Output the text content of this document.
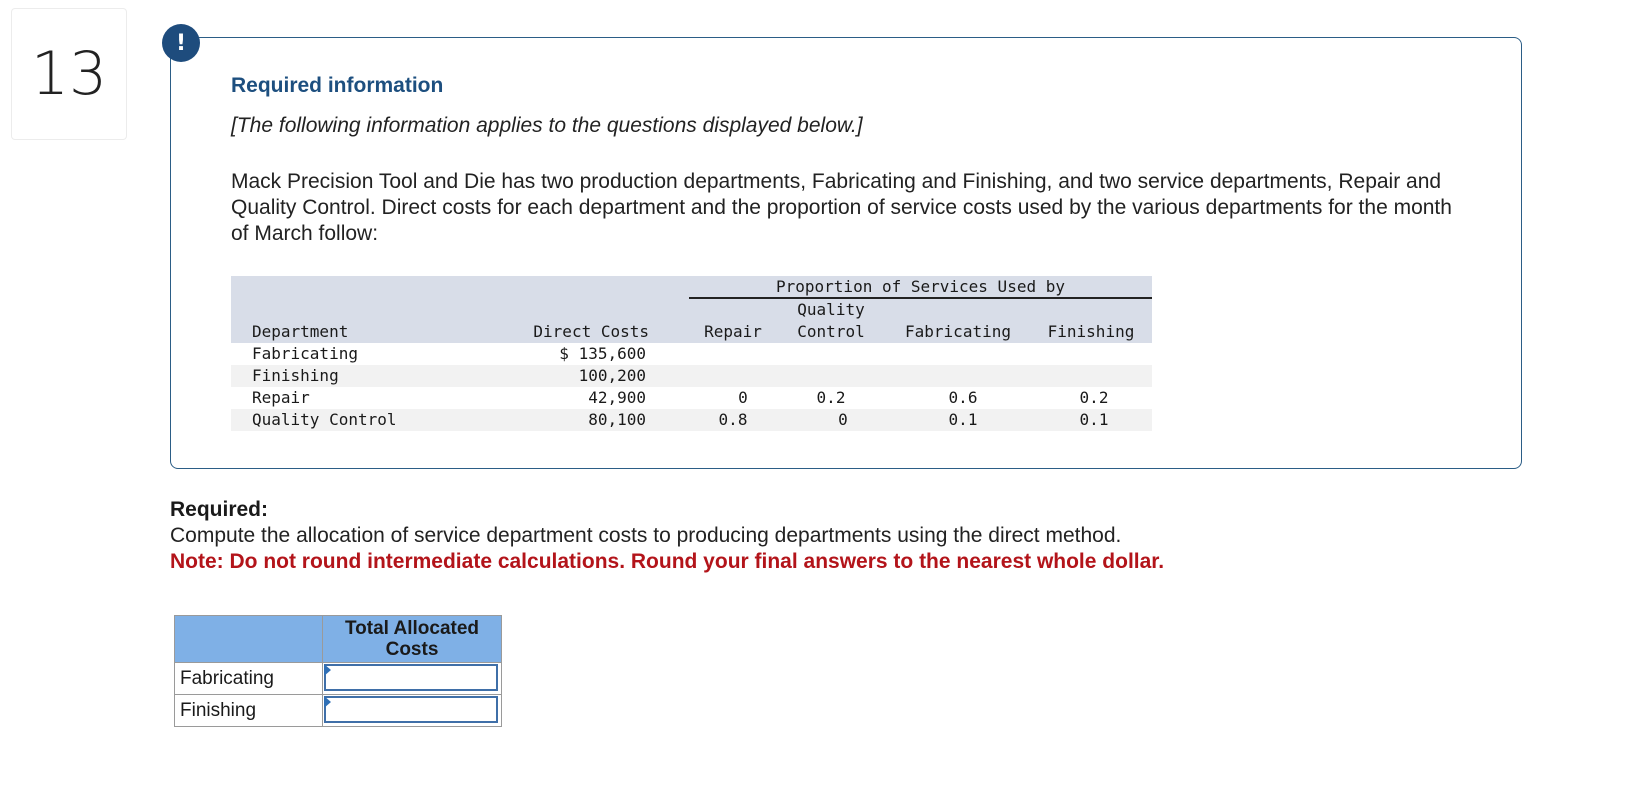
13	!
Required information
[The following information applies to the questions displayed below.]
Mack Precision Tool and Die has two production departments, Fabricating and Finishing, and two service departments, Repair and Quality Control. Direct costs for each department and the proportion of service costs used by the various departments for the month of March follow:
Proportion of Services Used by
Quality
Department	Direct Costs	Repair	Control	Fabricating	Finishing
Fabricating	$ 135,600
Finishing	100,200
Repair	42,900	0	0.2	0.6	0.2
Quality Control	80,100	0.8	0	0.1	0.1
Required:
Compute the allocation of service department costs to producing departments using the direct method.
Note: Do not round intermediate calculations. Round your final answers to the nearest whole dollar.
	Total Allocated
Costs
Fabricating	

Finishing	
